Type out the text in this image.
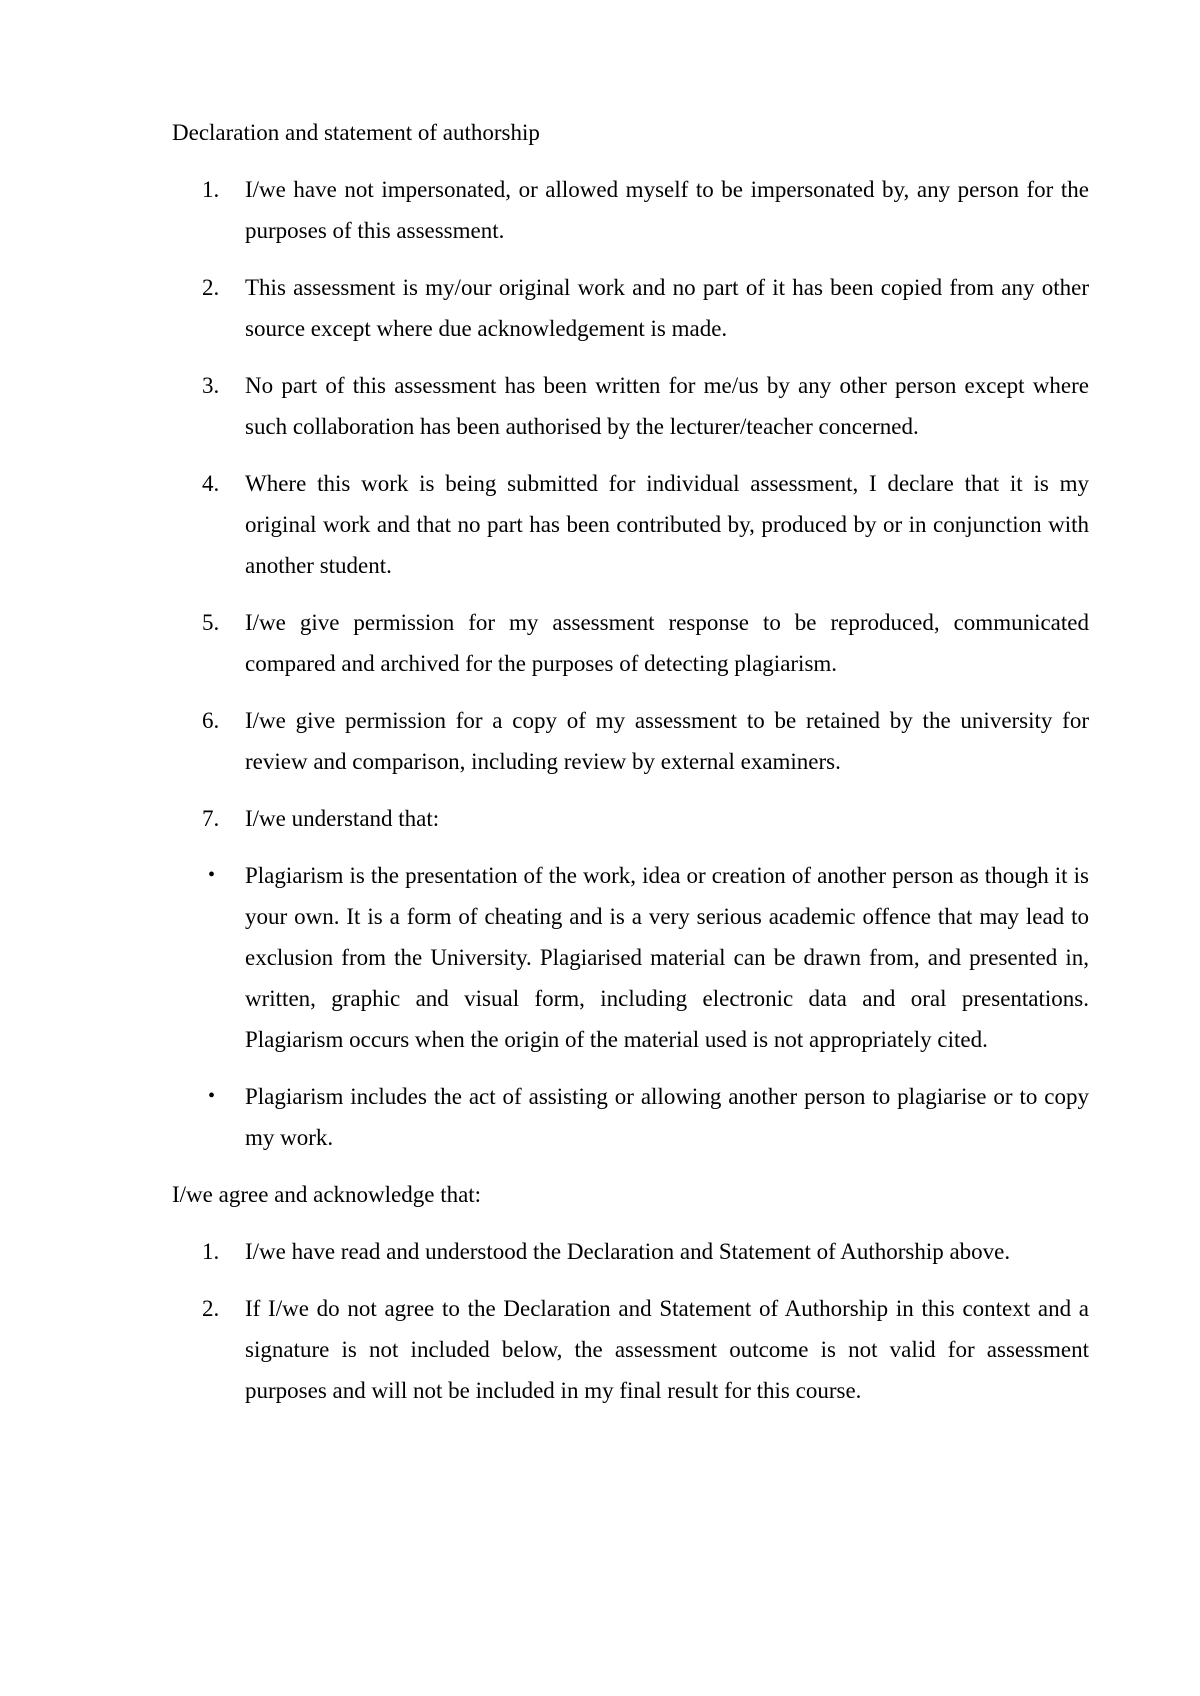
Declaration and statement of authorship

1.	I/we have not impersonated, or allowed myself to be impersonated by, any person for the purposes of this assessment.
2.	This assessment is my/our original work and no part of it has been copied from any other source except where due acknowledgement is made.
3.	No part of this assessment has been written for me/us by any other person except where such collaboration has been authorised by the lecturer/teacher concerned.
4.	Where this work is being submitted for individual assessment, I declare that it is my original work and that no part has been contributed by, produced by or in conjunction with another student.
5.	I/we give permission for my assessment response to be reproduced, communicated compared and archived for the purposes of detecting plagiarism.
6.	I/we give permission for a copy of my assessment to be retained by the university for review and comparison, including review by external examiners.
7.	I/we understand that:
• Plagiarism is the presentation of the work, idea or creation of another person as though it is your own. It is a form of cheating and is a very serious academic offence that may lead to exclusion from the University. Plagiarised material can be drawn from, and presented in, written, graphic and visual form, including electronic data and oral presentations. Plagiarism occurs when the origin of the material used is not appropriately cited.
• Plagiarism includes the act of assisting or allowing another person to plagiarise or to copy my work.

I/we agree and acknowledge that:

1.	I/we have read and understood the Declaration and Statement of Authorship above.
2.	If I/we do not agree to the Declaration and Statement of Authorship in this context and a signature is not included below, the assessment outcome is not valid for assessment purposes and will not be included in my final result for this course.
